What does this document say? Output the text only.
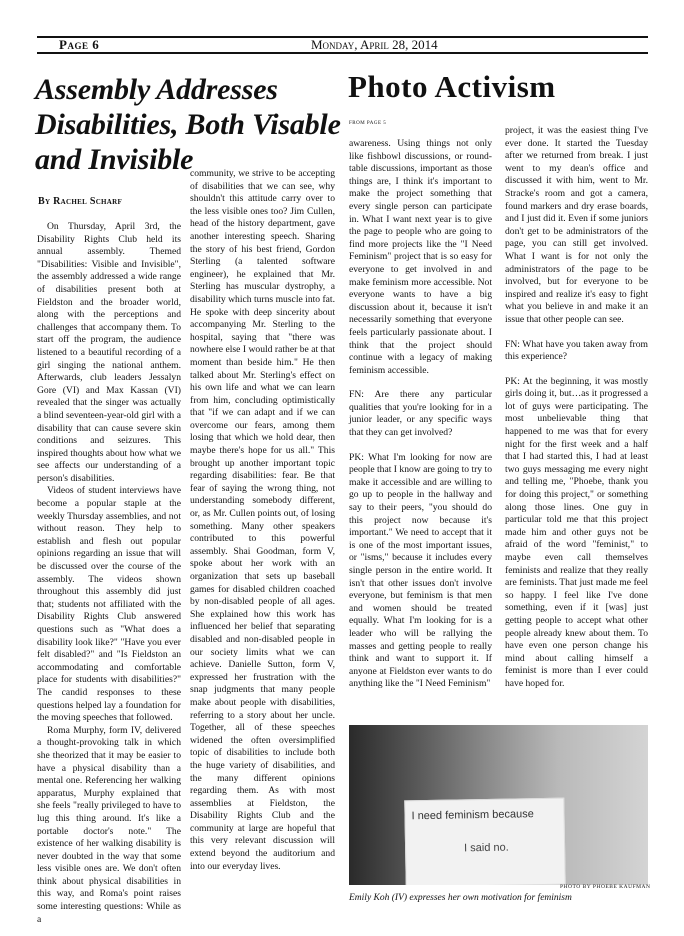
Page 6	Monday, April 28, 2014
Assembly Addresses Disabilities, Both Visable and Invisible
By Rachel Scharf

On Thursday, April 3rd, the Disability Rights Club held its annual assembly. Themed "Disabilities: Visible and Invisible", the assembly addressed a wide range of disabilities present both at Fieldston and the broader world, along with the perceptions and challenges that accompany them. To start off the program, the audience listened to a beautiful recording of a girl singing the national anthem. Afterwards, club leaders Jessalyn Gore (VI) and Max Kassan (VI) revealed that the singer was actually a blind seventeen-year-old girl with a disability that can cause severe skin conditions and seizures. This inspired thoughts about how what we see affects our understanding of a person's disabilities.

Videos of student interviews have become a popular staple at the weekly Thursday assemblies, and not without reason. They help to establish and flesh out popular opinions regarding an issue that will be discussed over the course of the assembly. The videos shown throughout this assembly did just that; students not affiliated with the Disability Rights Club answered questions such as "What does a disability look like?" "Have you ever felt disabled?" and "Is Fieldston an accommodating and comfortable place for students with disabilities?" The candid responses to these questions helped lay a foundation for the moving speeches that followed.

Roma Murphy, form IV, delivered a thought-provoking talk in which she theorized that it may be easier to have a physical disability than a mental one. Referencing her walking apparatus, Murphy explained that she feels "really privileged to have to lug this thing around. It's like a portable doctor's note." The existence of her walking disability is never doubted in the way that some less visible ones are. We don't often think about physical disabilities in this way, and Roma's point raises some interesting questions: While as a

community, we strive to be accepting of disabilities that we can see, why shouldn't this attitude carry over to the less visible ones too? Jim Cullen, head of the history department, gave another interesting speech. Sharing the story of his best friend, Gordon Sterling (a talented software engineer), he explained that Mr. Sterling has muscular dystrophy, a disability which turns muscle into fat. He spoke with deep sincerity about accompanying Mr. Sterling to the hospital, saying that "there was nowhere else I would rather be at that moment than beside him." He then talked about Mr. Sterling's effect on his own life and what we can learn from him, concluding optimistically that "if we can adapt and if we can overcome our fears, among them losing that which we hold dear, then maybe there's hope for us all." This brought up another important topic regarding disabilities: fear. Be that fear of saying the wrong thing, not understanding somebody different, or, as Mr. Cullen points out, of losing something. Many other speakers contributed to this powerful assembly. Shai Goodman, form V, spoke about her work with an organization that sets up baseball games for disabled children coached by non-disabled people of all ages. She explained how this work has influenced her belief that separating disabled and non-disabled people in our society limits what we can achieve. Danielle Sutton, form V, expressed her frustration with the snap judgments that many people make about people with disabilities, referring to a story about her uncle. Together, all of these speeches widened the often oversimplified topic of disabilities to include both the huge variety of disabilities, and the many different opinions regarding them. As with most assemblies at Fieldston, the Disability Rights Club and the community at large are hopeful that this very relevant discussion will extend beyond the auditorium and into our everyday lives.

Photo Activism
FROM PAGE 5

awareness. Using things not only like fishbowl discussions, or round-table discussions, important as those things are, I think it's important to make the project something that every single person can participate in. What I want next year is to give the page to people who are going to find more projects like the "I Need Feminism" project that is so easy for everyone to get involved in and make feminism more accessible. Not everyone wants to have a big discussion about it, because it isn't necessarily something that everyone feels particularly passionate about. I think that the project should continue with a legacy of making feminism accessible.

FN: Are there any particular qualities that you're looking for in a junior leader, or any specific ways that they can get involved?

PK: What I'm looking for now are people that I know are going to try to make it accessible and are willing to go up to people in the hallway and say to their peers, "you should do this project now because it's important." We need to accept that it is one of the most important issues, or "isms," because it includes every single person in the entire world. It isn't that other issues don't involve everyone, but feminism is that men and women should be treated equally. What I'm looking for is a leader who will be rallying the masses and getting people to really think and want to support it. If anyone at Fieldston ever wants to do anything like the "I Need Feminism"

project, it was the easiest thing I've ever done. It started the Tuesday after we returned from break. I just went to my dean's office and discussed it with him, went to Mr. Stracke's room and got a camera, found markers and dry erase boards, and I just did it. Even if some juniors don't get to be administrators of the page, you can still get involved. What I want is for not only the administrators of the page to be involved, but for everyone to be inspired and realize it's easy to fight what you believe in and make it an issue that other people can see.

FN: What have you taken away from this experience?

PK: At the beginning, it was mostly girls doing it, but…as it progressed a lot of guys were participating. The most unbelievable thing that happened to me was that for every night for the first week and a half that I had started this, I had at least two guys messaging me every night and telling me, "Phoebe, thank you for doing this project," or something along those lines. One guy in particular told me that this project made him and other guys not be afraid of the word "feminist," to maybe even call themselves feminists and realize that they really are feminists. That just made me feel so happy. I feel like I've done something, even if it [was] just getting people to accept what other people already knew about them. To have even one person change his mind about calling himself a feminist is more than I ever could have hoped for.

I need feminism because
I said no.
PHOTO BY PHOEBE KAUFMAN
Emily Koh (IV) expresses her own motivation for feminism
